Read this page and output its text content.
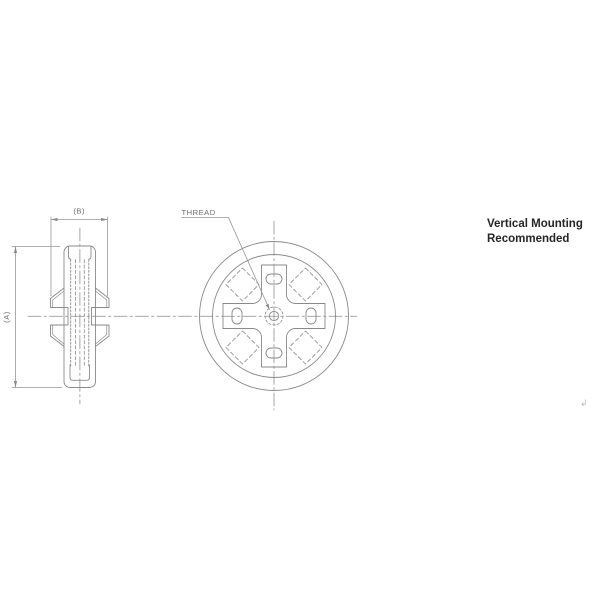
(B)
(A)
THREAD
Vertical Mounting
Recommended
↲
